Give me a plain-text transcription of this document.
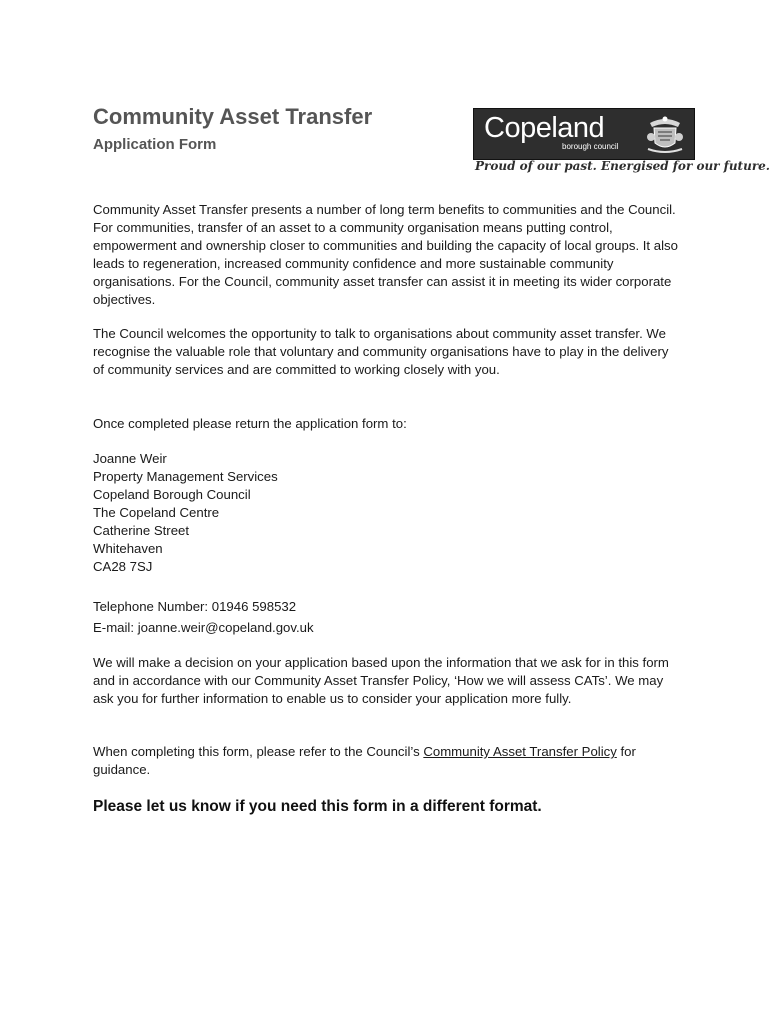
Community Asset Transfer
Application Form
Copeland
borough council
Proud of our past. Energised for our future.

Community Asset Transfer presents a number of long term benefits to communities and the Council. For communities, transfer of an asset to a community organisation means putting control, empowerment and ownership closer to communities and building the capacity of local groups. It also leads to regeneration, increased community confidence and more sustainable community organisations. For the Council, community asset transfer can assist it in meeting its wider corporate objectives.

The Council welcomes the opportunity to talk to organisations about community asset transfer. We recognise the valuable role that voluntary and community organisations have to play in the delivery of community services and are committed to working closely with you.

Once completed please return the application form to:

Joanne Weir
Property Management Services
Copeland Borough Council
The Copeland Centre
Catherine Street
Whitehaven
CA28 7SJ
Telephone Number: 01946 598532
E-mail: joanne.weir@copeland.gov.uk

We will make a decision on your application based upon the information that we ask for in this form and in accordance with our Community Asset Transfer Policy, ‘How we will assess CATs’. We may ask you for further information to enable us to consider your application more fully.

When completing this form, please refer to the Council’s Community Asset Transfer Policy for guidance.

Please let us know if you need this form in a different format.
